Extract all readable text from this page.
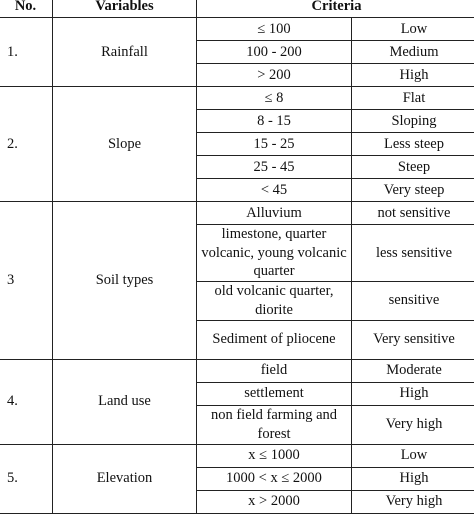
No.	Variables	Criteria	
1.	Rainfall	≤ 100	Low
		100 - 200	Medium
		> 200	High
2.	Slope	≤ 8	Flat
		8 - 15	Sloping
		15 - 25	Less steep
		25 - 45	Steep
		< 45	Very steep
3	Soil types	Alluvium	not sensitive
		limestone, quarter volcanic, young volcanic quarter	less sensitive
		old volcanic quarter, diorite	sensitive
		Sediment of pliocene	Very sensitive
4.	Land use	field	Moderate
		settlement	High
		non field farming and forest	Very high
5.	Elevation	x ≤ 1000	Low
		1000 < x ≤ 2000	High
		x > 2000	Very high
